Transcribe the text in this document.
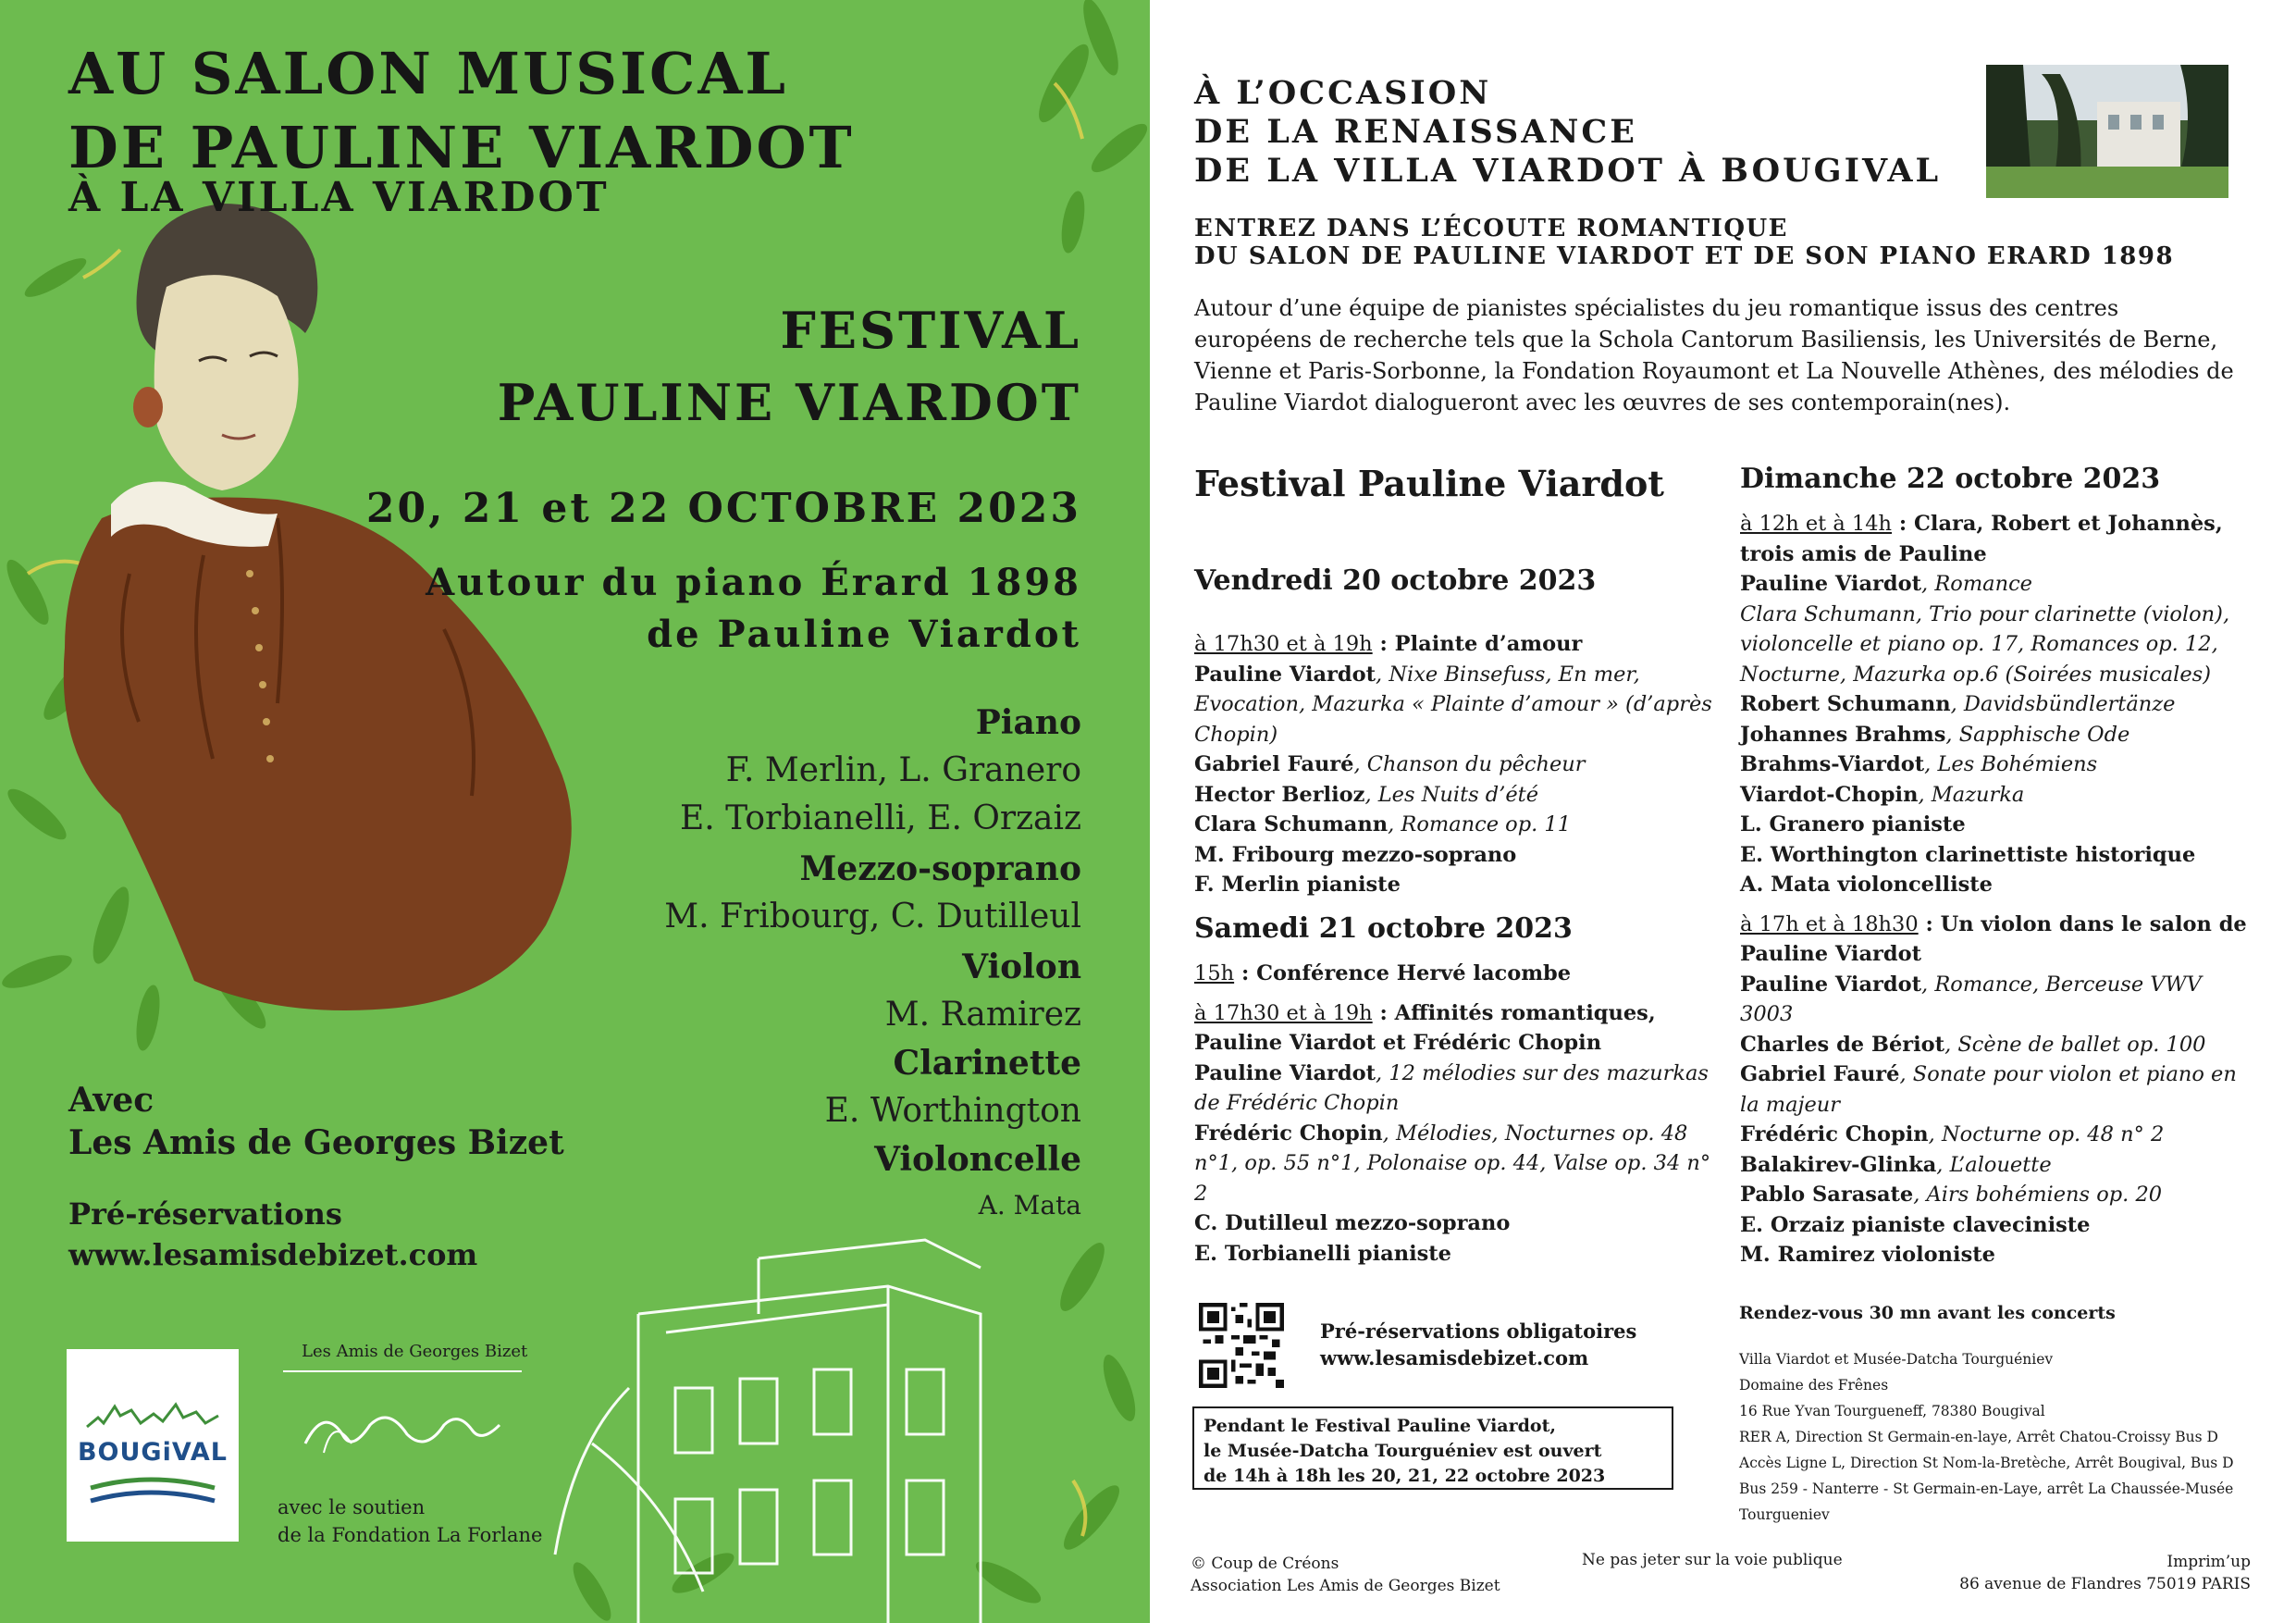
AU SALON MUSICAL
DE PAULINE VIARDOT

À LA VILLA VIARDOT

FESTIVAL
PAULINE VIARDOT

20, 21 et 22 OCTOBRE 2023

Autour du piano Érard 1898
de Pauline Viardot

Piano

F. Merlin, L. Granero

E. Torbianelli, E. Orzaiz

Mezzo-soprano

M. Fribourg, C. Dutilleul

Violon

M. Ramirez

Clarinette

E. Worthington

Violoncelle

A. Mata

Avec
Les Amis de Georges Bizet

Pré-réservations
www.lesamisdebizet.com

BOUGiVAL
Les Amis de Georges Bizet

avec le soutien
de la Fondation La Forlane

À L’OCCASION
DE LA RENAISSANCE
DE LA VILLA VIARDOT À BOUGIVAL

ENTREZ DANS L’ÉCOUTE ROMANTIQUE
DU SALON DE PAULINE VIARDOT ET DE SON PIANO ERARD 1898

Autour d’une équipe de pianistes spécialistes du jeu romantique issus des centres européens de recherche tels que la Schola Cantorum Basiliensis, les Universités de Berne, Vienne et Paris-Sorbonne, la Fondation Royaumont et La Nouvelle Athènes, des mélodies de Pauline Viardot dialogueront avec les œuvres de ses contemporain(nes).

Festival Pauline Viardot

Vendredi 20 octobre 2023

à 17h30 et à 19h : Plainte d’amour

Pauline Viardot, Nixe Binsefuss, En mer, Evocation, Mazurka « Plainte d’amour » (d’après Chopin)

Gabriel Fauré, Chanson du pêcheur

Hector Berlioz, Les Nuits d’été

Clara Schumann, Romance op. 11

M. Fribourg mezzo-soprano

F. Merlin pianiste

Samedi 21 octobre 2023

15h : Conférence Hervé lacombe

à 17h30 et à 19h : Affinités romantiques, Pauline Viardot et Frédéric Chopin

Pauline Viardot, 12 mélodies sur des mazurkas de Frédéric Chopin

Frédéric Chopin, Mélodies, Nocturnes op. 48 n°1, op. 55 n°1, Polonaise op. 44, Valse op. 34 n° 2

C. Dutilleul mezzo-soprano

E. Torbianelli pianiste

Dimanche 22 octobre 2023

à 12h et à 14h : Clara, Robert et Johannès, trois amis de Pauline

Pauline Viardot, Romance

Clara Schumann, Trio pour clarinette (violon), violoncelle et piano op. 17, Romances op. 12, Nocturne, Mazurka op.6 (Soirées musicales)

Robert Schumann, Davidsbündlertänze

Johannes Brahms, Sapphische Ode

Brahms-Viardot, Les Bohémiens

Viardot-Chopin, Mazurka

L. Granero pianiste

E. Worthington clarinettiste historique

A. Mata violoncelliste

à 17h et à 18h30 : Un violon dans le salon de Pauline Viardot

Pauline Viardot, Romance, Berceuse VWV 3003

Charles de Bériot, Scène de ballet op. 100

Gabriel Fauré, Sonate pour violon et piano en la majeur

Frédéric Chopin, Nocturne op. 48 n° 2

Balakirev-Glinka, L’alouette

Pablo Sarasate, Airs bohémiens op. 20

E. Orzaiz pianiste claveciniste

M. Ramirez violoniste

Pré-réservations obligatoires
www.lesamisdebizet.com

Pendant le Festival Pauline Viardot,
le Musée-Datcha Tourguéniev est ouvert
de 14h à 18h les 20, 21, 22 octobre 2023

Rendez-vous 30 mn avant les concerts

Villa Viardot et Musée-Datcha Tourguéniev
Domaine des Frênes
16 Rue Yvan Tourgueneff, 78380 Bougival
RER A, Direction St Germain-en-laye, Arrêt Chatou-Croissy Bus D
Accès Ligne L, Direction St Nom-la-Bretèche, Arrêt Bougival, Bus D
Bus 259 - Nanterre - St Germain-en-Laye, arrêt La Chaussée-Musée Tourgueniev

© Coup de Créons
Association Les Amis de Georges Bizet

Ne pas jeter sur la voie publique	Imprim’up
86 avenue de Flandres 75019 PARIS
